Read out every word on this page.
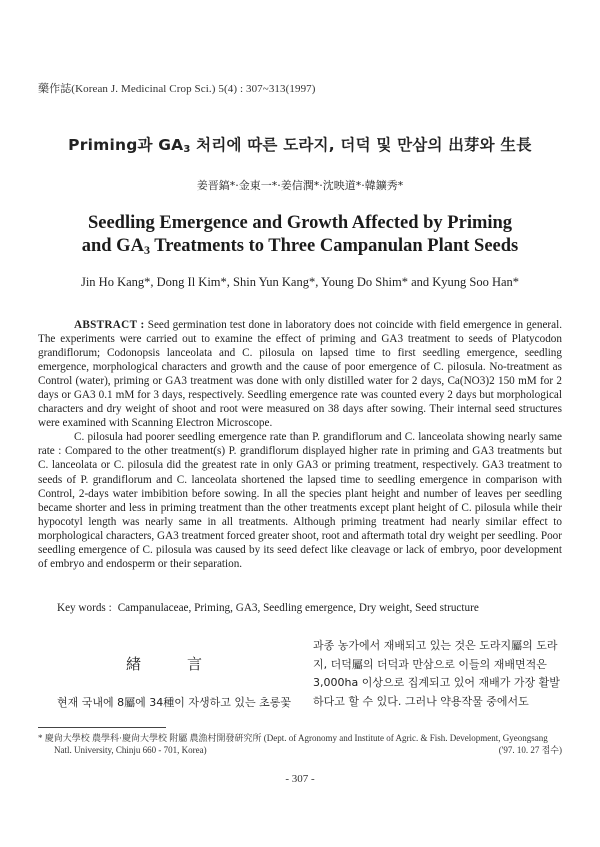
藥作誌(Korean J. Medicinal Crop Sci.) 5(4) : 307~313(1997)
Priming과 $GA_3$ 처리에 따른 도라지, 더덕 및 만삼의 出芽와 生長
姜晋鎬*·金東一*·姜信潤*·沈映道*·韓鑛秀*
Seedling Emergence and Growth Affected by Priming
and $GA_3$ Treatments to Three Campanulan Plant Seeds
Jin Ho Kang*, Dong Il Kim*, Shin Yun Kang*, Young Do Shim* and Kyung Soo Han*

ABSTRACT : Seed germination test done in laboratory does not coincide with field emergence in general. The experiments were carried out to examine the effect of priming and GA3 treatment to seeds of Platycodon grandiflorum; Codonopsis lanceolata and C. pilosula on lapsed time to first seedling emergence, seedling emergence, morphological characters and growth and the cause of poor emergence of C. pilosula. No-treatment as Control (water), priming or GA3 treatment was done with only distilled water for 2 days, Ca(NO3)2 150 mM for 2 days or GA3 0.1 mM for 3 days, respectively. Seedling emergence rate was counted every 2 days but morphological characters and dry weight of shoot and root were measured on 38 days after sowing. Their internal seed structures were examined with Scanning Electron Microscope.

C. pilosula had poorer seedling emergence rate than P. grandiflorum and C. lanceolata showing nearly same rate : Compared to the other treatment(s) P. grandiflorum displayed higher rate in priming and GA3 treatments but C. lanceolata or C. pilosula did the greatest rate in only GA3 or priming treatment, respectively. GA3 treatment to seeds of P. grandiflorum and C. lanceolata shortened the lapsed time to seedling emergence in comparison with Control, 2-days water imbibition before sowing. In all the species plant height and number of leaves per seedling became shorter and less in priming treatment than the other treatments except plant height of C. pilosula while their hypocotyl length was nearly same in all treatments. Although priming treatment had nearly similar effect to morphological characters, GA3 treatment forced greater shoot, root and aftermath total dry weight per seedling. Poor seedling emergence of C. pilosula was caused by its seed defect like cleavage or lack of embryo, poor development of embryo and endosperm or their separation.

Key words : Campanulaceae, Priming, GA3, Seedling emergence, Dry weight, Seed structure
緖	言
현재 국내에 8屬에 34種이 자생하고 있는 초롱꽃
과종 농가에서 재배되고 있는 것은 도라지屬의 도라지, 더덕屬의 더덕과 만삼으로 이들의 재배면적은 3,000ha 이상으로 집계되고 있어 재배가 가장 활발하다고 할 수 있다. 그러나 약용작물 중에서도
* 慶尙大學校 農學科·慶尙大學校 附屬 農漁村開發硏究所 (Dept. of Agronomy and Institute of Agric. & Fish. Development, Gyeongsang
Natl. University, Chinju 660 - 701, Korea)	('97. 10. 27 접수)
- 307 -
